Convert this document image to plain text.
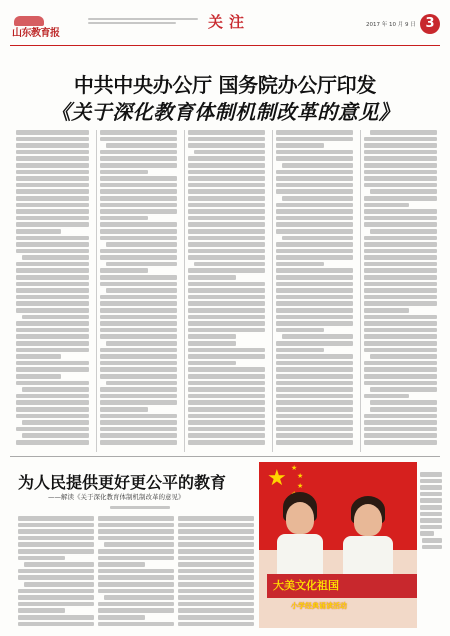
山东教育报
关注	2017 年 10 月 9 日 3
中共中央办公厅 国务院办公厅印发
《关于深化教育体制机制改革的意见》
为人民提供更好更公平的教育
——解读《关于深化教育体制机制改革的意见》
★ ★
★
★
大美文化祖国
小学经典诵读活动
